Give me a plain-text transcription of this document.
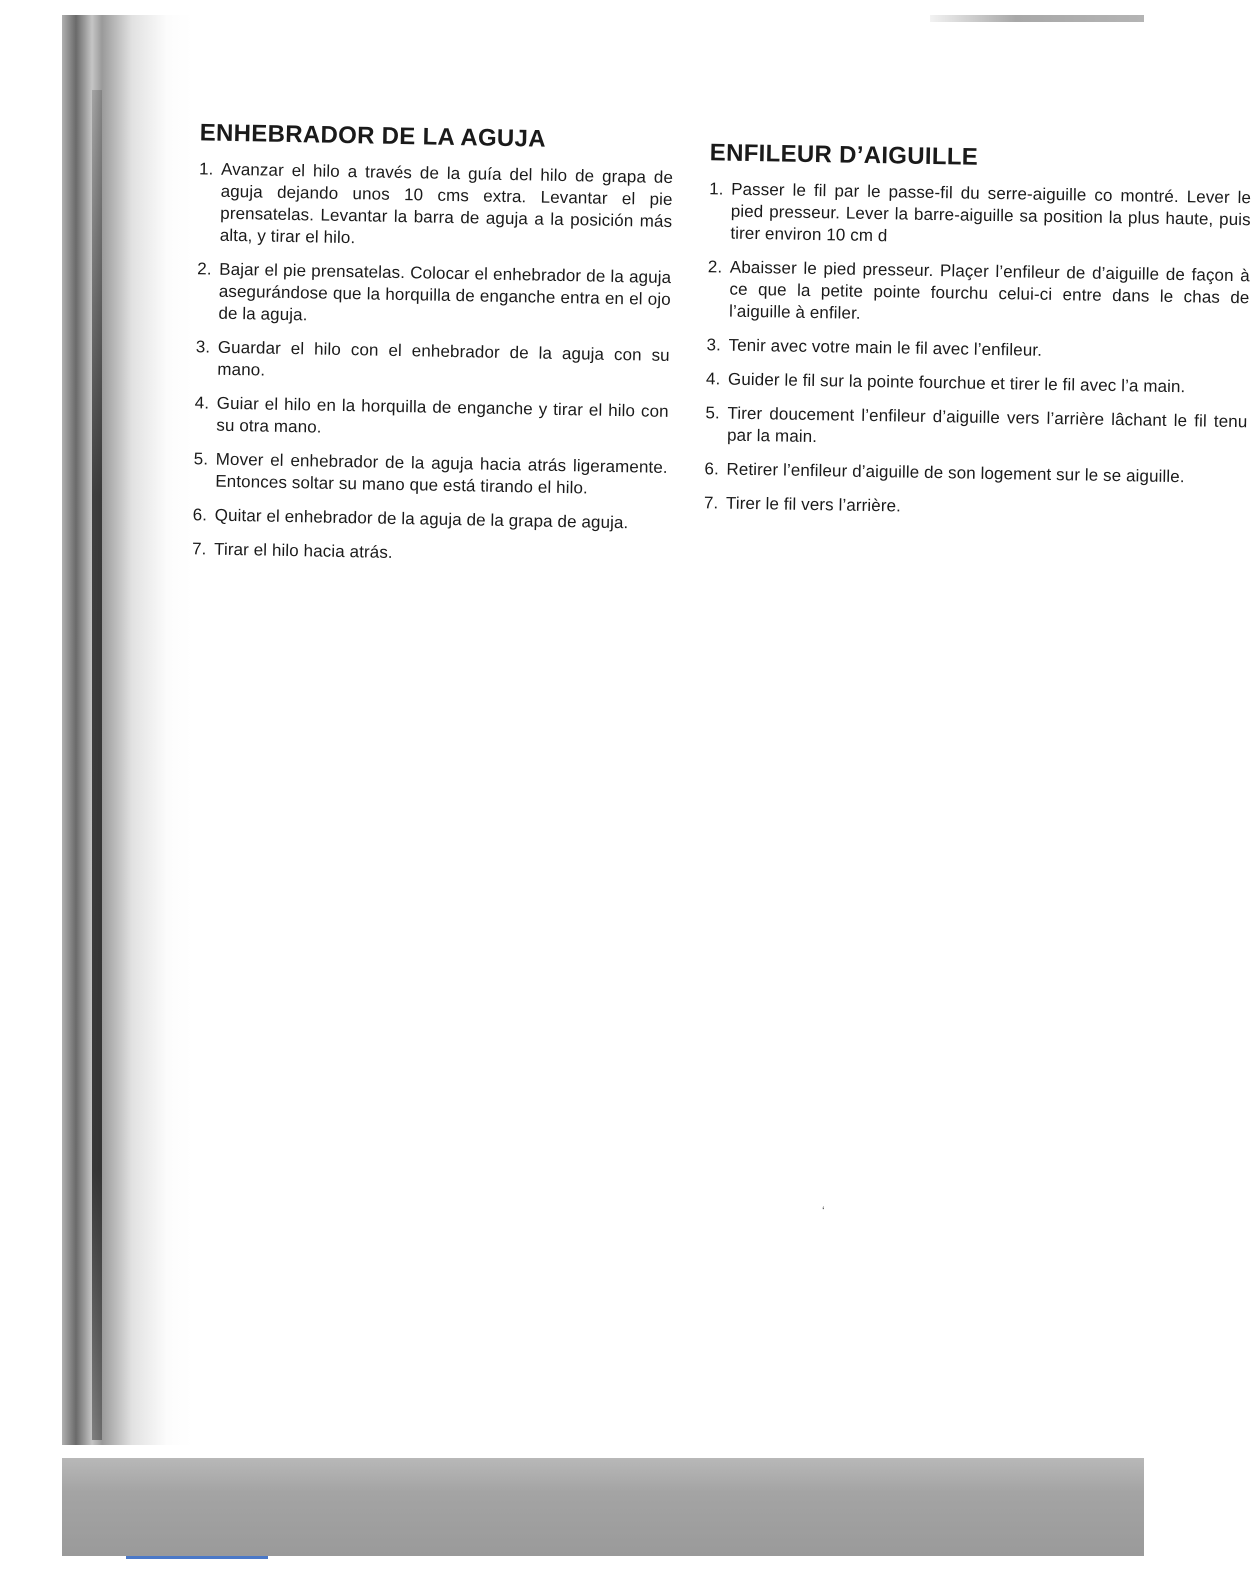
‘
ENHEBRADOR DE LA AGUJA
1. Avanzar el hilo a través de la guía del hilo de grapa de aguja dejando unos 10 cms extra. Levantar el pie prensatelas. Levantar la barra de aguja a la posición más alta, y tirar el hilo.
2. Bajar el pie prensatelas. Colocar el enhebrador de la aguja asegurándose que la horquilla de enganche entra en el ojo de la aguja.
3. Guardar el hilo con el enhebrador de la aguja con su mano.
4. Guiar el hilo en la horquilla de enganche y tirar el hilo con su otra mano.
5. Mover el enhebrador de la aguja hacia atrás ligeramente. Entonces soltar su mano que está tirando el hilo.
6. Quitar el enhebrador de la aguja de la grapa de aguja.
7. Tirar el hilo hacia atrás.
ENFILEUR D’AIGUILLE
1. Passer le fil par le passe-fil du serre-aiguille co montré. Lever le pied presseur. Lever la barre-aiguille sa position la plus haute, puis tirer environ 10 cm d
2. Abaisser le pied presseur. Plaçer l’enfileur de d’aiguille de façon à ce que la petite pointe fourchu celui-ci entre dans le chas de l’aiguille à enfiler.
3. Tenir avec votre main le fil avec l’enfileur.
4. Guider le fil sur la pointe fourchue et tirer le fil avec l’a main.
5. Tirer doucement l’enfileur d’aiguille vers l’arrière lâchant le fil tenu par la main.
6. Retirer l’enfileur d’aiguille de son logement sur le se aiguille.
7. Tirer le fil vers l’arrière.
